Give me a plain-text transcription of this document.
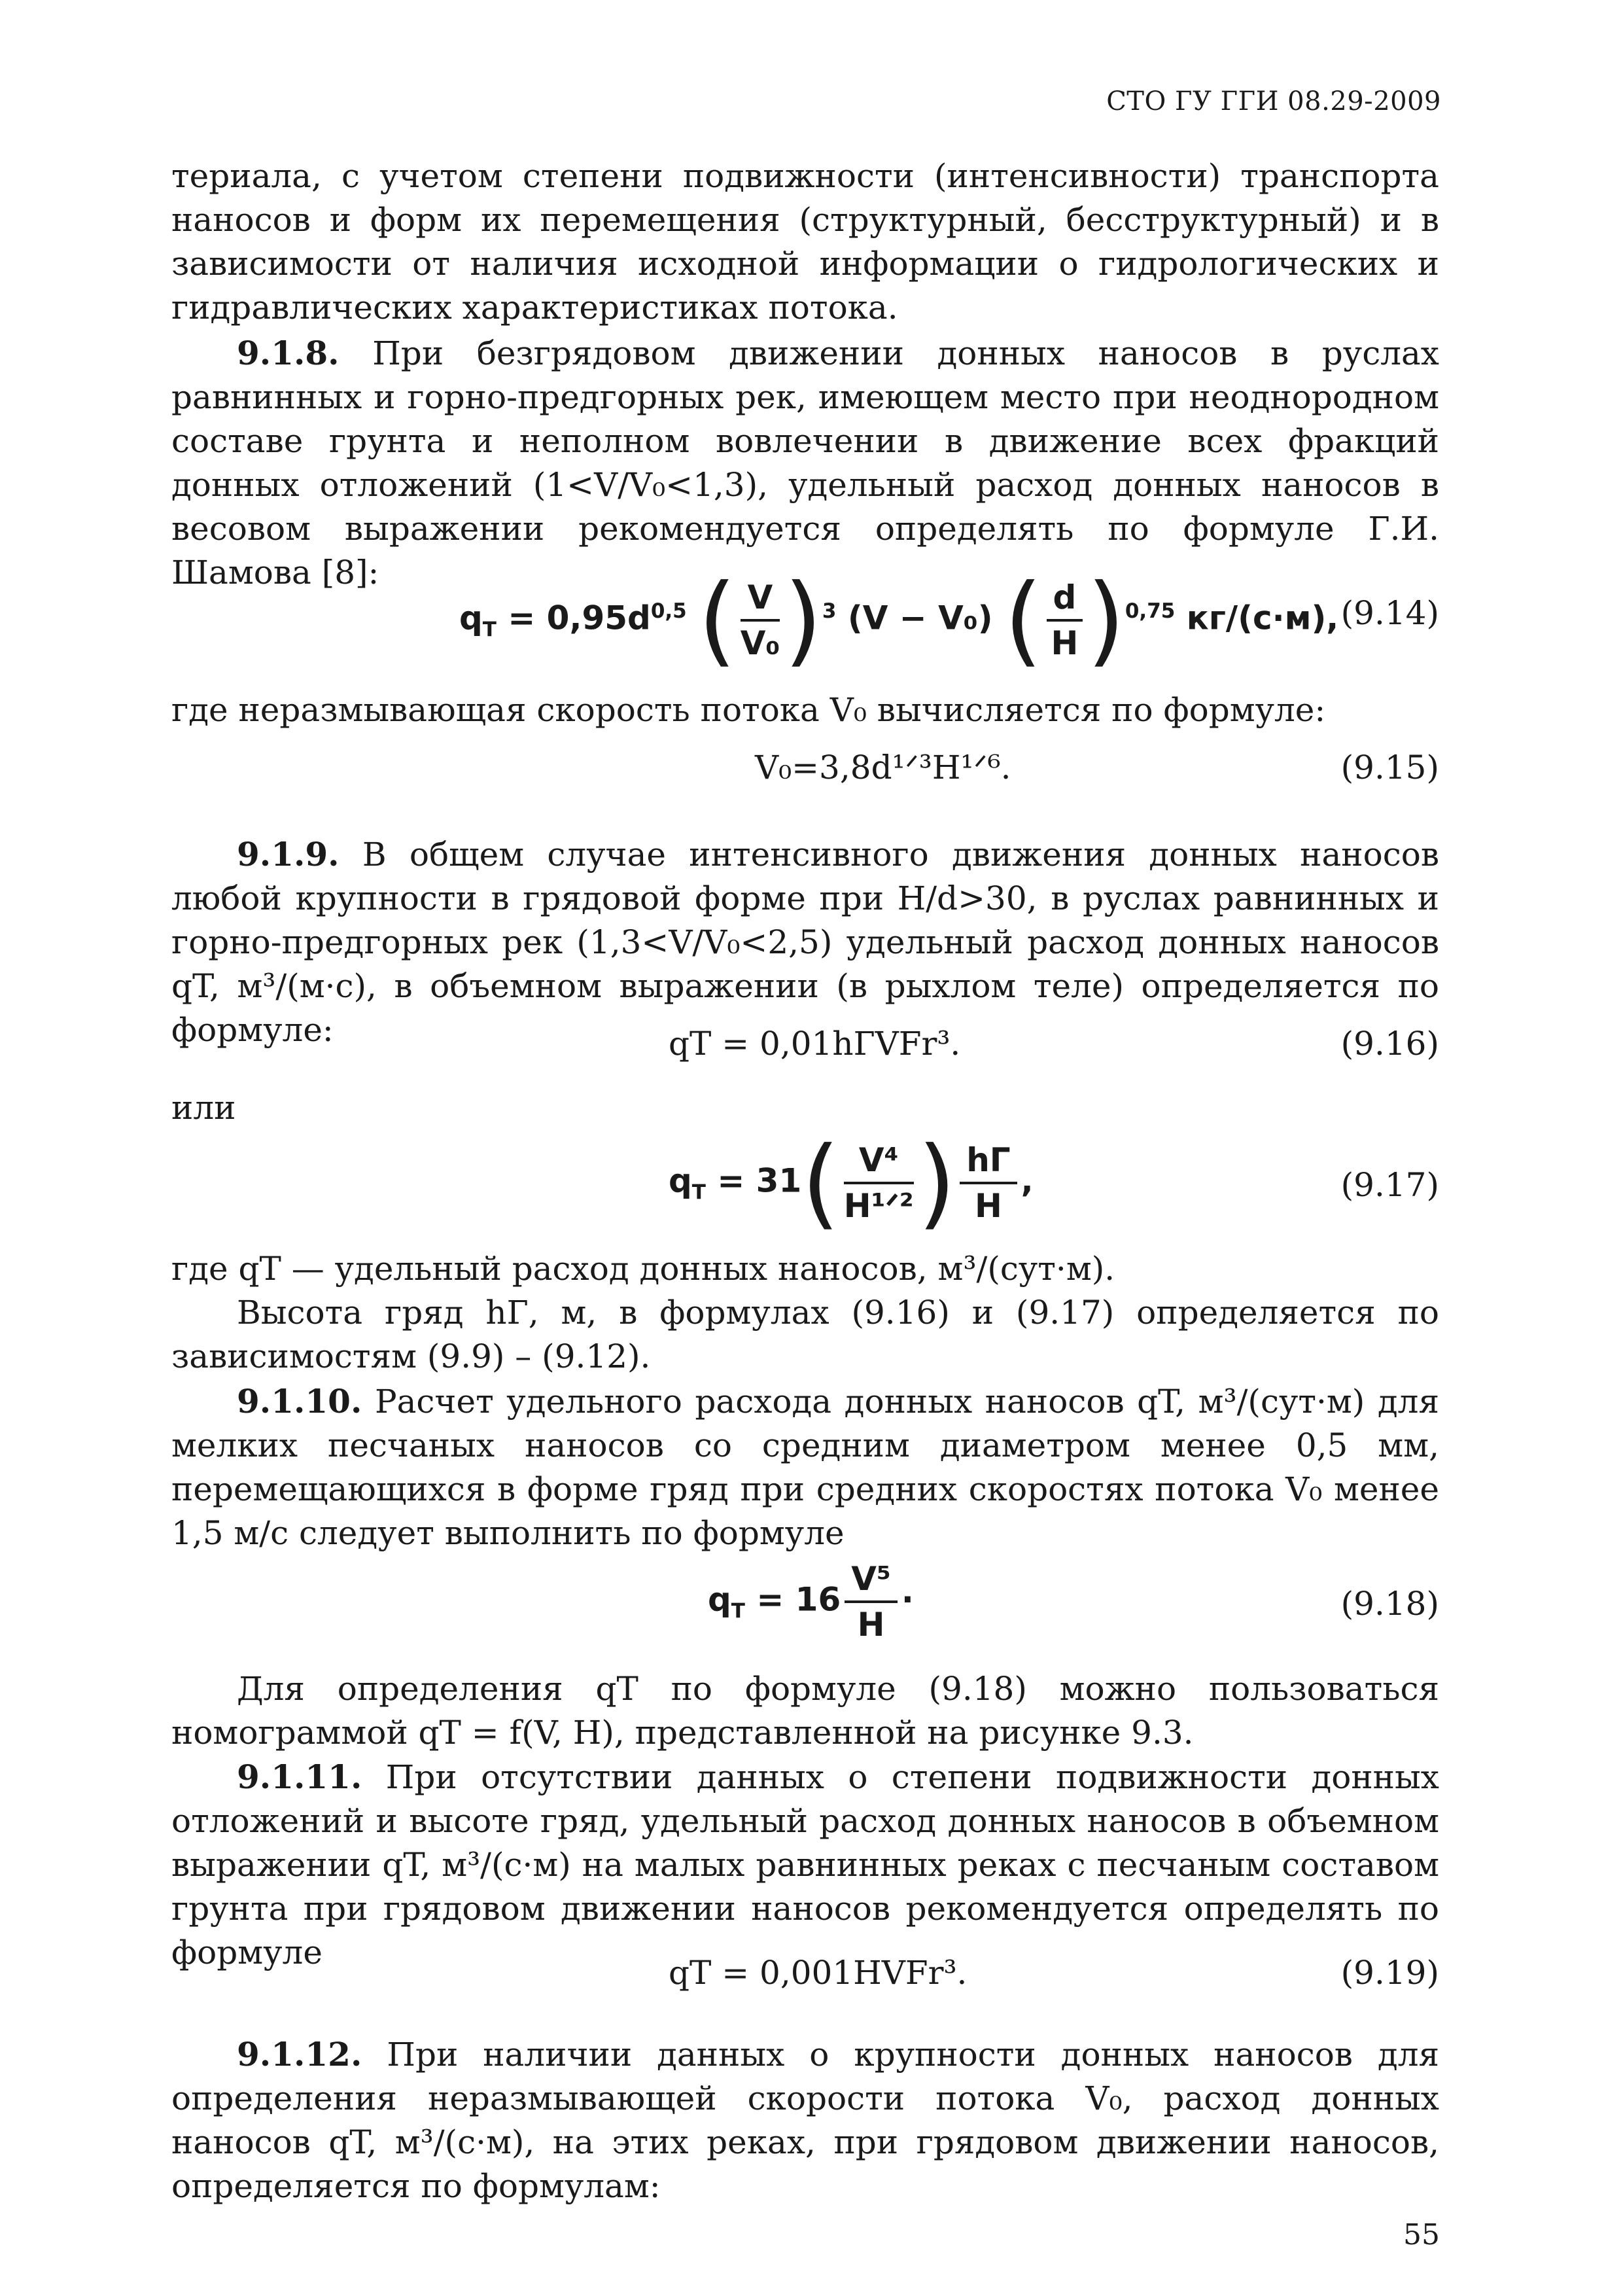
СТО ГУ ГГИ 08.29-2009

териала, с учетом степени подвижности (интенсивности) транспорта наносов и форм их перемещения (структурный, бесструктурный) и в зависимости от наличия исходной информации о гидрологических и гидравлических характеристиках потока.

9.1.8. При безгрядовом движении донных наносов в руслах равнинных и горно-предгорных рек, имеющем место при неоднородном составе грунта и неполном вовлечении в движение всех фракций донных отложений (1<V/V₀<1,3), удельный расход донных наносов в весовом выражении рекомендуется определять по формуле Г.И. Шамова [8]:

$q_T = 0,95d^{0,5}$ ( $\frac{V}{\text{V₀}} )^3$ (V − V₀) ( $\frac{d}{H} )^{0,75}$ кг/(с·м), (9.14)

где неразмывающая скорость потока V₀ вычисляется по формуле:

V₀=3,8d¹ᐟ³H¹ᐟ⁶.	(9.15)

9.1.9. В общем случае интенсивного движения донных наносов любой крупности в грядовой форме при H/d>30, в руслах равнинных и горно-предгорных рек (1,3<V/V₀<2,5) удельный расход донных наносов qT, м³/(м·с), в объемном выражении (в рыхлом теле) определяется по формуле:	qT = 0,01hГVFr³.	(9.16)

или

$q_T = 31( \frac{\text{V⁴}}{\text{H¹ᐟ²}}$ ) $\frac{hГ}{H}$ ,	(9.17)

где qT — удельный расход донных наносов, м³/(сут·м).

Высота гряд hГ, м, в формулах (9.16) и (9.17) определяется по зависимостям (9.9) – (9.12).

9.1.10. Расчет удельного расхода донных наносов qT, м³/(сут·м) для мелких песчаных наносов со средним диаметром менее 0,5 мм, перемещающихся в форме гряд при средних скоростях потока V₀ менее 1,5 м/с следует выполнить по формуле

$q_T = 16 \frac{\text{V⁵}}{H}$ ·	(9.18)

Для определения qT по формуле (9.18) можно пользоваться номограммой qT = f(V, H), представленной на рисунке 9.3.

9.1.11. При отсутствии данных о степени подвижности донных отложений и высоте гряд, удельный расход донных наносов в объемном выражении qT, м³/(с·м) на малых равнинных реках с песчаным составом грунта при грядовом движении наносов рекомендуется определять по формуле

qT = 0,001HVFr³.	(9.19)

9.1.12. При наличии данных о крупности донных наносов для определения неразмывающей скорости потока V₀, расход донных наносов qT, м³/(с·м), на этих реках, при грядовом движении наносов, определяется по формулам:

55
